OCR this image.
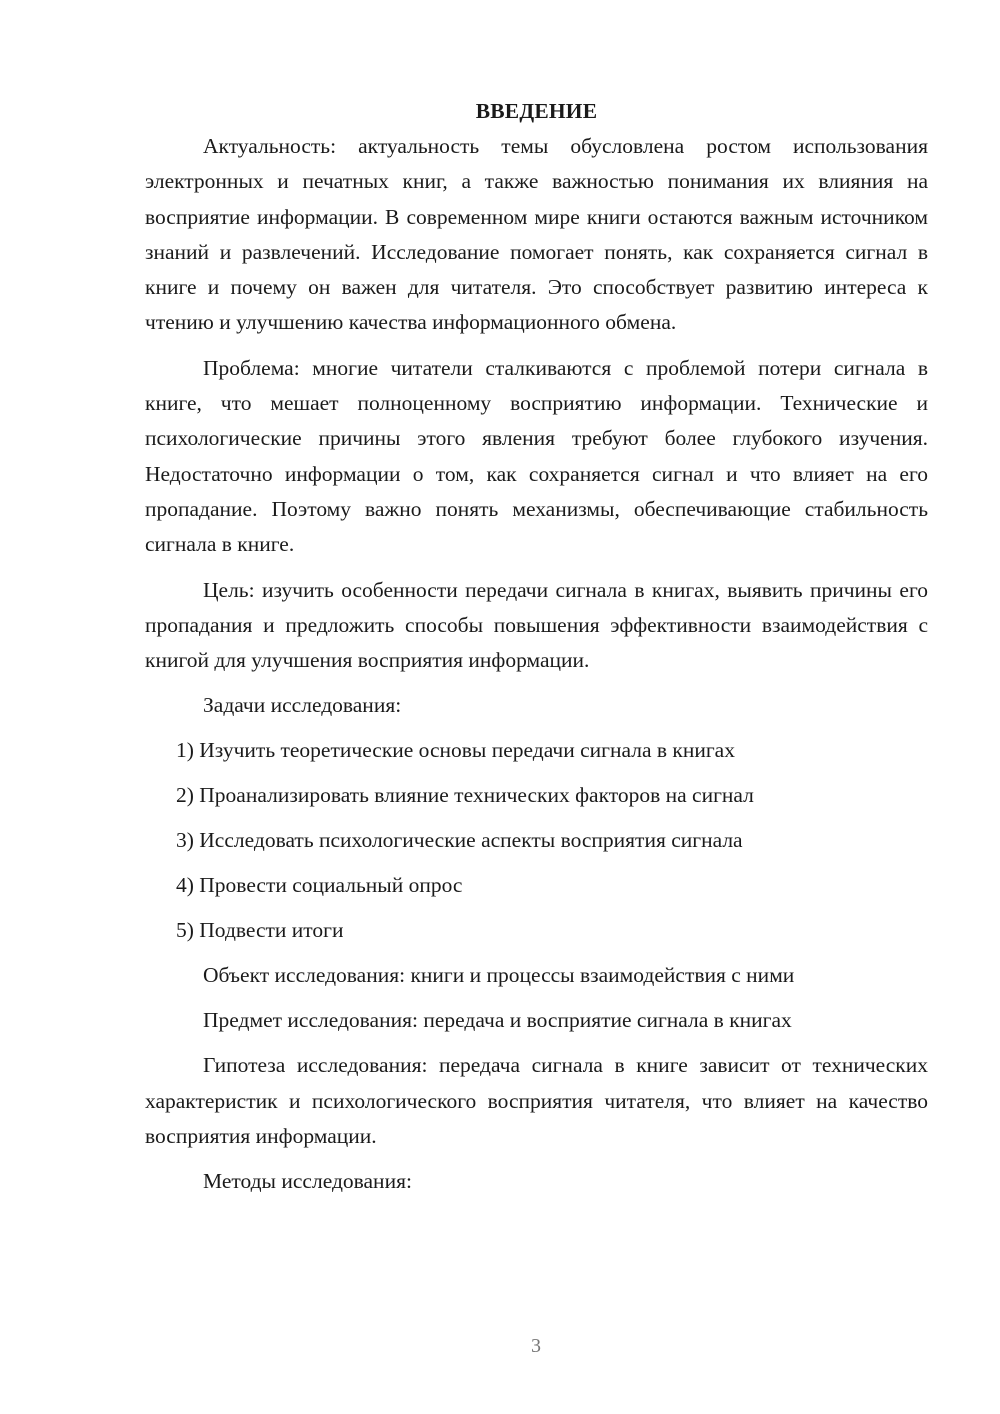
ВВЕДЕНИЕ

Актуальность: актуальность темы обусловлена ростом использования электронных и печатных книг, а также важностью понимания их влияния на восприятие информации. В современном мире книги остаются важным источником знаний и развлечений. Исследование помогает понять, как сохраняется сигнал в книге и почему он важен для читателя. Это способствует развитию интереса к чтению и улучшению качества информационного обмена.

Проблема: многие читатели сталкиваются с проблемой потери сигнала в книге, что мешает полноценному восприятию информации. Технические и психологические причины этого явления требуют более глубокого изучения. Недостаточно информации о том, как сохраняется сигнал и что влияет на его пропадание. Поэтому важно понять механизмы, обеспечивающие стабильность сигнала в книге.

Цель: изучить особенности передачи сигнала в книгах, выявить причины его пропадания и предложить способы повышения эффективности взаимодействия с книгой для улучшения восприятия информации.

Задачи исследования:

1) Изучить теоретические основы передачи сигнала в книгах

2) Проанализировать влияние технических факторов на сигнал

3) Исследовать психологические аспекты восприятия сигнала

4) Провести социальный опрос

5) Подвести итоги

Объект исследования: книги и процессы взаимодействия с ними

Предмет исследования: передача и восприятие сигнала в книгах

Гипотеза исследования: передача сигнала в книге зависит от технических характеристик и психологического восприятия читателя, что влияет на качество восприятия информации.

Методы исследования:

3
